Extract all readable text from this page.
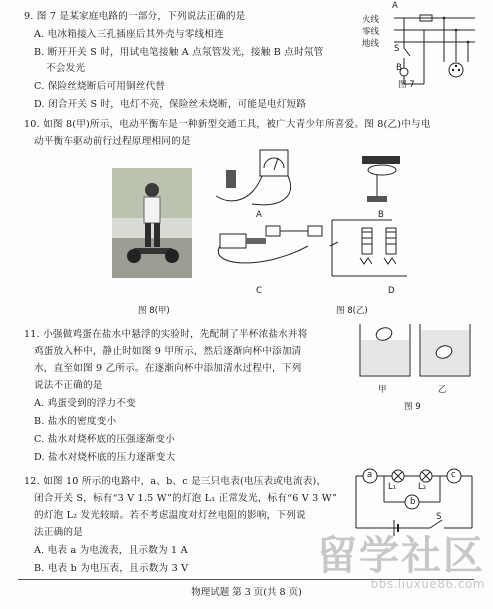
9. 图 7 是某家庭电路的一部分，下列说法正确的是
A. 电冰箱接入三孔插座后其外壳与零线相连
B. 断开开关 S 时，用试电笔接触 A 点氖管发光，接触 B 点时氖管
不会发光
C. 保险丝烧断后可用铜丝代替
D. 闭合开关 S 时，电灯不亮，保险丝未烧断，可能是电灯短路
火线
零线
地线
A
S
B
图 7
10. 如图 8(甲)所示，电动平衡车是一种新型交通工具，被广大青少年所喜爱。图 8(乙)中与电
动平衡车驱动前行过程原理相同的是
A	B
C	D
图 8(甲)	图 8(乙)
11. 小强做鸡蛋在盐水中悬浮的实验时，先配制了半杯浓盐水并将
鸡蛋放入杯中，静止时如图 9 甲所示，然后逐渐向杯中添加清
水，直至如图 9 乙所示。在逐渐向杯中添加清水过程中，下列
说法不正确的是
A. 鸡蛋受到的浮力不变
B. 盐水的密度变小
C. 盐水对烧杯底的压强逐渐变小
D. 盐水对烧杯底的压力逐渐变大
甲	乙
图 9
12. 如图 10 所示的电路中，a、b、c 是三只电表(电压表或电流表)，
闭合开关 S，标有“3 V 1.5 W”的灯泡 L₁ 正常发光，标有“6 V 3 W”
的灯泡 L₂ 发光较暗。若不考虑温度对灯丝电阻的影响，下列说
法正确的是
A. 电表 a 为电流表，且示数为 1 A
B. 电表 b 为电压表，且示数为 3 V
a
b
c
L₁	L₂
S
留学社区
bbs.liuxue86.com
物理试题 第 3 页(共 8 页)
